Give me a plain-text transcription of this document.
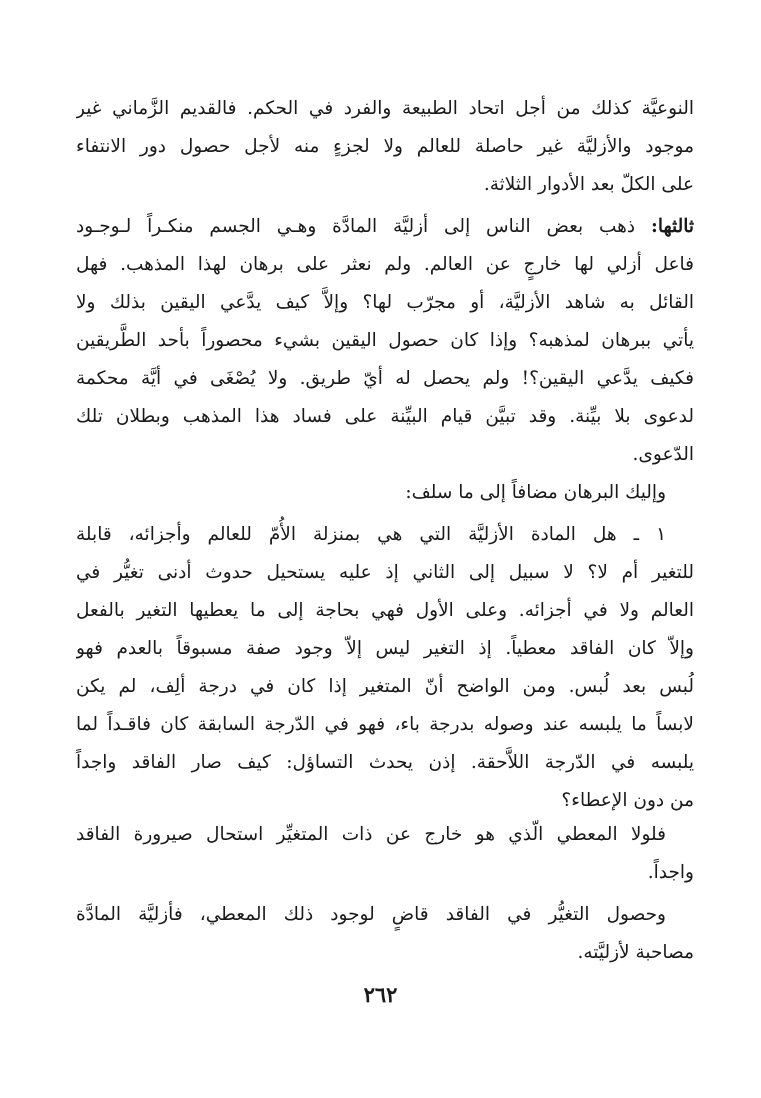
النوعيَّة كذلك من أجل اتحاد الطبيعة والفرد في الحكم. فالقديم الزَّماني غير
موجود والأزليَّة غير حاصلة للعالم ولا لجزءٍ منه لأجل حصول دور الانتفاء
على الكلّ بعد الأدوار الثلاثة.
ثالثها: ذهب بعض الناس إلى أزليَّة المادَّة وهـي الجسم منكـراً لـوجـود
فاعل أزلي لها خارجٍ عن العالم. ولم نعثر على برهان لهذا المذهب. فهل
القائل به شاهد الأزليَّة، أو مجرّب لها؟ وإلاَّ كيف يدَّعي اليقين بذلك ولا
يأتي ببرهان لمذهبه؟ وإذا كان حصول اليقين بشيء محصوراً بأحد الطَّريقين
فكيف يدَّعي اليقين؟! ولم يحصل له أيّ طريق. ولا يُصْغَى في أيَّة محكمة
لدعوى بلا بيِّنة. وقد تبيَّن قيام البيِّنة على فساد هذا المذهب وبطلان تلك
الدّعوى.
وإليك البرهان مضافاً إلى ما سلف:
١ ـ هل المادة الأزليَّة التي هي بمنزلة الأُمّ للعالم وأجزائه، قابلة
للتغير أم لا؟ لا سبيل إلى الثاني إذ عليه يستحيل حدوث أدنى تغيُّر في
العالم ولا في أجزائه. وعلى الأول فهي بحاجة إلى ما يعطيها التغير بالفعل
وإلاّ كان الفاقد معطياً. إذ التغير ليس إلاّ وجود صفة مسبوقاً بالعدم فهو
لُبس بعد لُبس. ومن الواضح أنّ المتغير إذا كان في درجة ألِف، لم يكن
لابساً ما يلبسه عند وصوله بدرجة باء، فهو في الدّرجة السابقة كان فاقـداً لما
يلبسه في الدّرجة اللاَّحقة. إذن يحدث التساؤل: كيف صار الفاقد واجداً
من دون الإعطاء؟
فلولا المعطي الّذي هو خارج عن ذات المتغيِّر استحال صيرورة الفاقد
واجداً.
وحصول التغيُّر في الفاقد قاضٍ لوجود ذلك المعطي، فأزليَّة المادَّة
مصاحبة لأزليَّته.
٢٦٢
